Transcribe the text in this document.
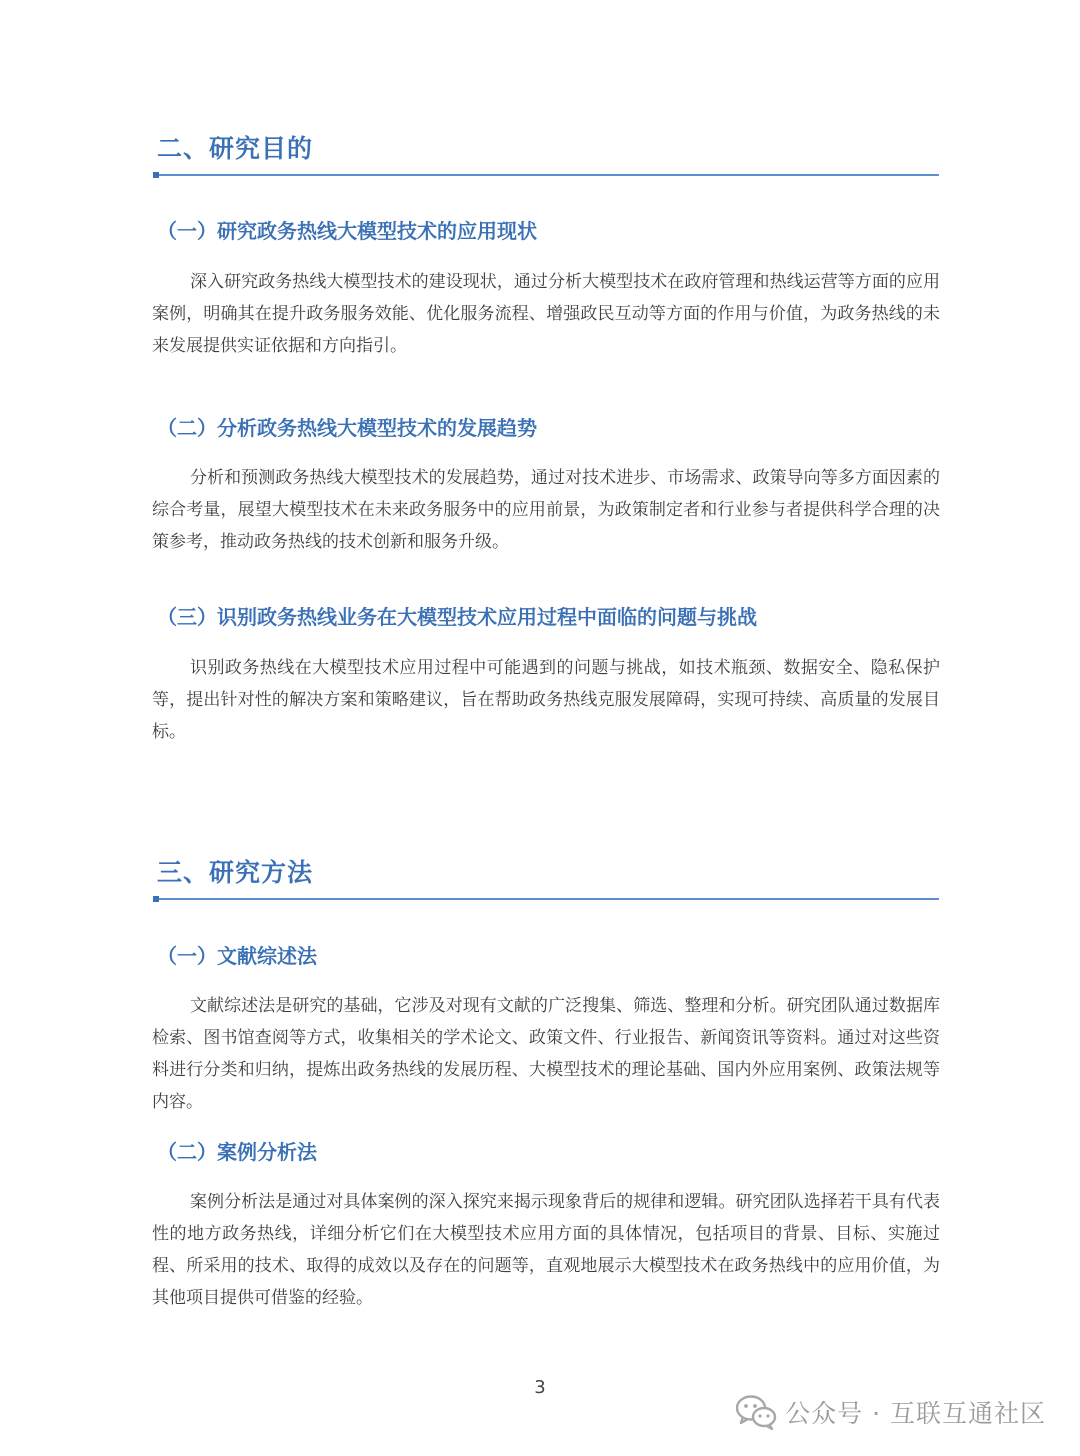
二、研究目的
（一）研究政务热线大模型技术的应用现状

深入研究政务热线大模型技术的建设现状，通过分析大模型技术在政府管理和热线运营等方面的应用案例，明确其在提升政务服务效能、优化服务流程、增强政民互动等方面的作用与价值，为政务热线的未来发展提供实证依据和方向指引。

（二）分析政务热线大模型技术的发展趋势

分析和预测政务热线大模型技术的发展趋势，通过对技术进步、市场需求、政策导向等多方面因素的综合考量，展望大模型技术在未来政务服务中的应用前景，为政策制定者和行业参与者提供科学合理的决策参考，推动政务热线的技术创新和服务升级。

（三）识别政务热线业务在大模型技术应用过程中面临的问题与挑战

识别政务热线在大模型技术应用过程中可能遇到的问题与挑战，如技术瓶颈、数据安全、隐私保护等，提出针对性的解决方案和策略建议，旨在帮助政务热线克服发展障碍，实现可持续、高质量的发展目标。

三、研究方法
（一）文献综述法

文献综述法是研究的基础，它涉及对现有文献的广泛搜集、筛选、整理和分析。研究团队通过数据库检索、图书馆查阅等方式，收集相关的学术论文、政策文件、行业报告、新闻资讯等资料。通过对这些资料进行分类和归纳，提炼出政务热线的发展历程、大模型技术的理论基础、国内外应用案例、政策法规等内容。

（二）案例分析法

案例分析法是通过对具体案例的深入探究来揭示现象背后的规律和逻辑。研究团队选择若干具有代表性的地方政务热线，详细分析它们在大模型技术应用方面的具体情况，包括项目的背景、目标、实施过程、所采用的技术、取得的成效以及存在的问题等，直观地展示大模型技术在政务热线中的应用价值，为其他项目提供可借鉴的经验。

3
公众号 · 互联互通社区
